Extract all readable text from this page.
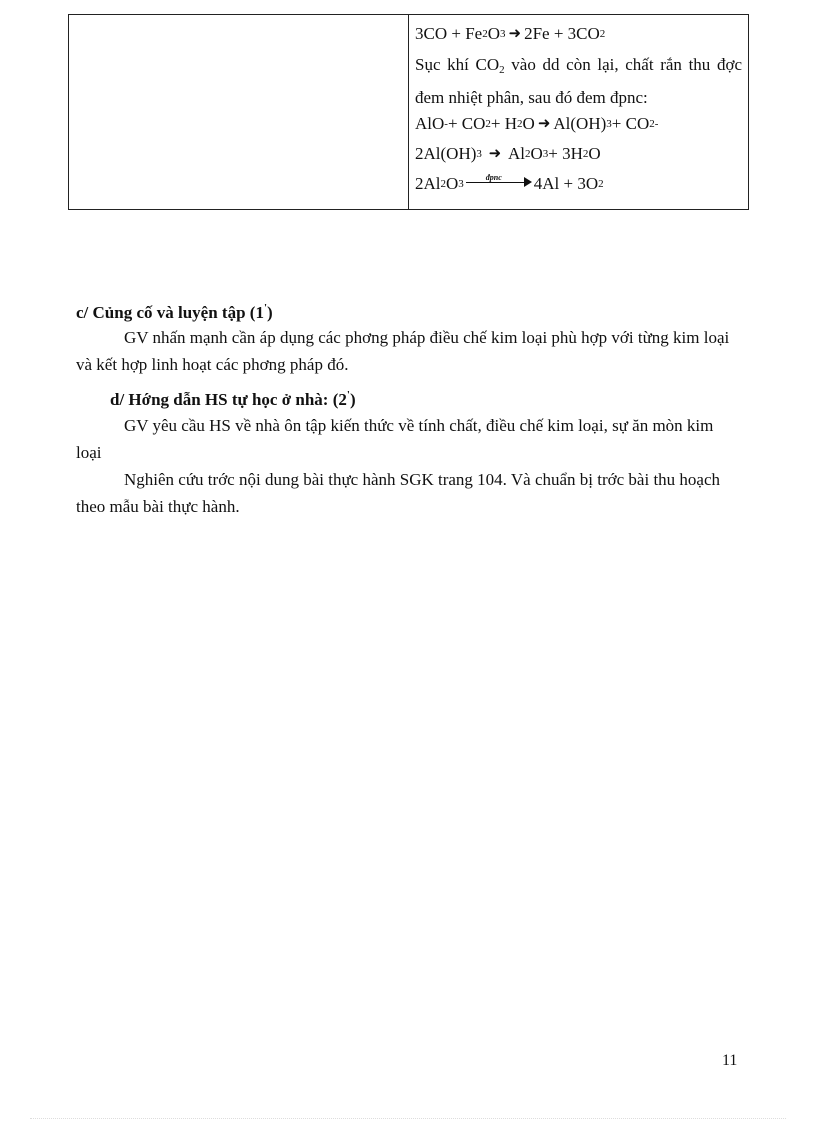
3CO + Fe 2 O 3 ➜ 2Fe + 3CO 2
Sục khí $CO_2$ vào dd còn lại, chất rắn thu đợc đem nhiệt phân, sau đó đem đpnc:
AlO - + CO 2 + H 2 O ➜ Al(OH) 3 + CO 2-
2Al(OH) 3 ➜ Al 2 O 3 + 3H 2 O
2Al 2 O 3
đpnc 4Al + 3O 2
c/ Củng cố và luyện tập (1')
GV nhấn mạnh cần áp dụng các phơng pháp điều chế kim loại phù hợp với từng kim loại và kết hợp linh hoạt các phơng pháp đó.
d/ Hớng dẫn HS tự học ở nhà: (2')
GV yêu cầu HS về nhà ôn tập kiến thức về tính chất, điều chế kim loại, sự ăn mòn kim loại
Nghiên cứu trớc nội dung bài thực hành SGK trang 104. Và chuẩn bị trớc bài thu hoạch theo mẫu bài thực hành.
11
